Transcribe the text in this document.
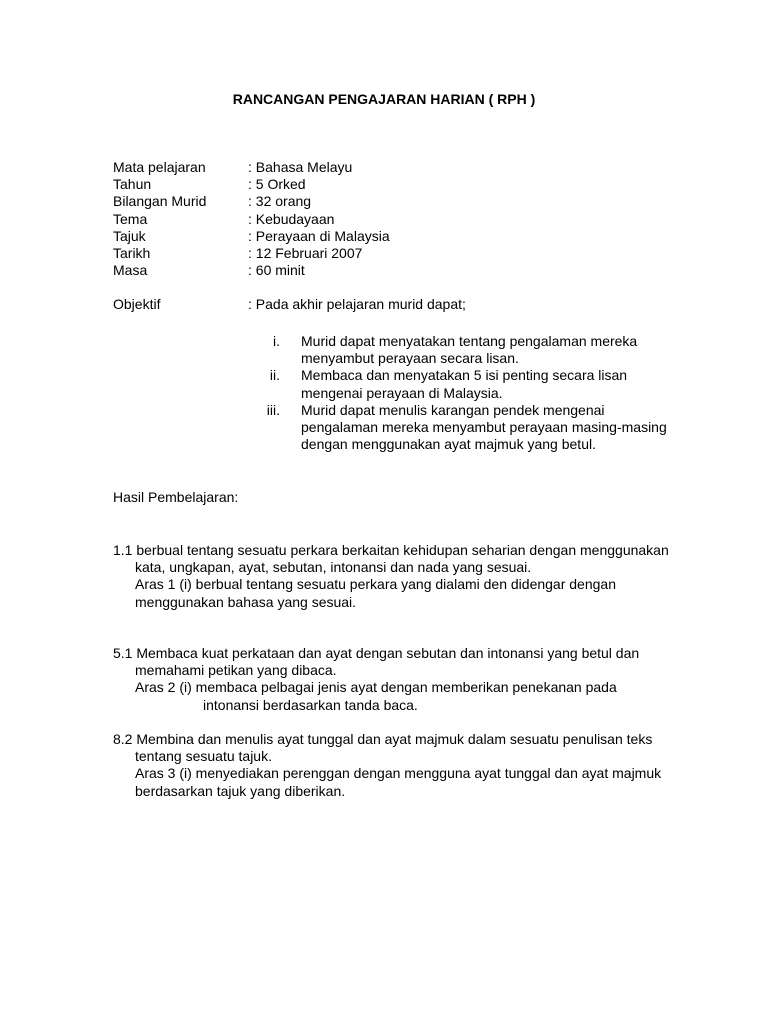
RANCANGAN PENGAJARAN HARIAN ( RPH )
Mata pelajaran	: Bahasa Melayu
Tahun	: 5 Orked
Bilangan Murid	: 32 orang
Tema	: Kebudayaan
Tajuk	: Perayaan di Malaysia
Tarikh	: 12 Februari 2007
Masa	: 60 minit
Objektif	: Pada akhir pelajaran murid dapat;
i. Murid dapat menyatakan tentang pengalaman mereka menyambut perayaan secara lisan.
ii. Membaca dan menyatakan 5 isi penting secara lisan mengenai perayaan di Malaysia.
iii. Murid dapat menulis karangan pendek mengenai pengalaman mereka menyambut perayaan masing-masing dengan menggunakan ayat majmuk yang betul.
Hasil Pembelajaran:
1.1 berbual tentang sesuatu perkara berkaitan kehidupan seharian dengan menggunakan kata, ungkapan, ayat, sebutan, intonansi dan nada yang sesuai.
Aras 1 (i) berbual tentang sesuatu perkara yang dialami den didengar dengan menggunakan bahasa yang sesuai.
5.1 Membaca kuat perkataan dan ayat dengan sebutan dan intonansi yang betul dan memahami petikan yang dibaca.
Aras 2 (i) membaca pelbagai jenis ayat dengan memberikan penekanan pada intonansi berdasarkan tanda baca.
8.2 Membina dan menulis ayat tunggal dan ayat majmuk dalam sesuatu penulisan teks tentang sesuatu tajuk.
Aras 3 (i) menyediakan perenggan dengan mengguna ayat tunggal dan ayat majmuk berdasarkan tajuk yang diberikan.
